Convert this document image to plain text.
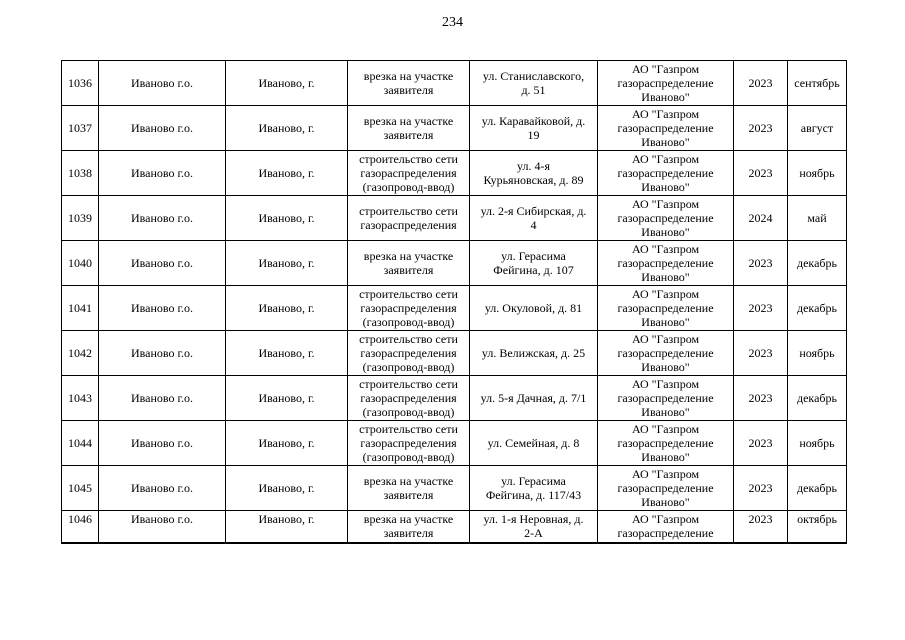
234
1036	Иваново г.о.	Иваново, г.	врезка на участке
заявителя	ул. Станиславского,
д. 51	АО "Газпром
газораспределение
Иваново"	2023	сентябрь
1037	Иваново г.о.	Иваново, г.	врезка на участке
заявителя	ул. Каравайковой, д.
19	АО "Газпром
газораспределение
Иваново"	2023	август
1038	Иваново г.о.	Иваново, г.	строительство сети
газораспределения
(газопровод-ввод)	ул. 4-я
Курьяновская, д. 89	АО "Газпром
газораспределение
Иваново"	2023	ноябрь
1039	Иваново г.о.	Иваново, г.	строительство сети
газораспределения	ул. 2-я Сибирская, д.
4	АО "Газпром
газораспределение
Иваново"	2024	май
1040	Иваново г.о.	Иваново, г.	врезка на участке
заявителя	ул. Герасима
Фейгина, д. 107	АО "Газпром
газораспределение
Иваново"	2023	декабрь
1041	Иваново г.о.	Иваново, г.	строительство сети
газораспределения
(газопровод-ввод)	ул. Окуловой, д. 81	АО "Газпром
газораспределение
Иваново"	2023	декабрь
1042	Иваново г.о.	Иваново, г.	строительство сети
газораспределения
(газопровод-ввод)	ул. Велижская, д. 25	АО "Газпром
газораспределение
Иваново"	2023	ноябрь
1043	Иваново г.о.	Иваново, г.	строительство сети
газораспределения
(газопровод-ввод)	ул. 5-я Дачная, д. 7/1	АО "Газпром
газораспределение
Иваново"	2023	декабрь
1044	Иваново г.о.	Иваново, г.	строительство сети
газораспределения
(газопровод-ввод)	ул. Семейная, д. 8	АО "Газпром
газораспределение
Иваново"	2023	ноябрь
1045	Иваново г.о.	Иваново, г.	врезка на участке
заявителя	ул. Герасима
Фейгина, д. 117/43	АО "Газпром
газораспределение
Иваново"	2023	декабрь
1046	Иваново г.о.	Иваново, г.	врезка на участке
заявителя	ул. 1-я Неровная, д.
2-А	АО "Газпром
газораспределение	2023	октябрь
